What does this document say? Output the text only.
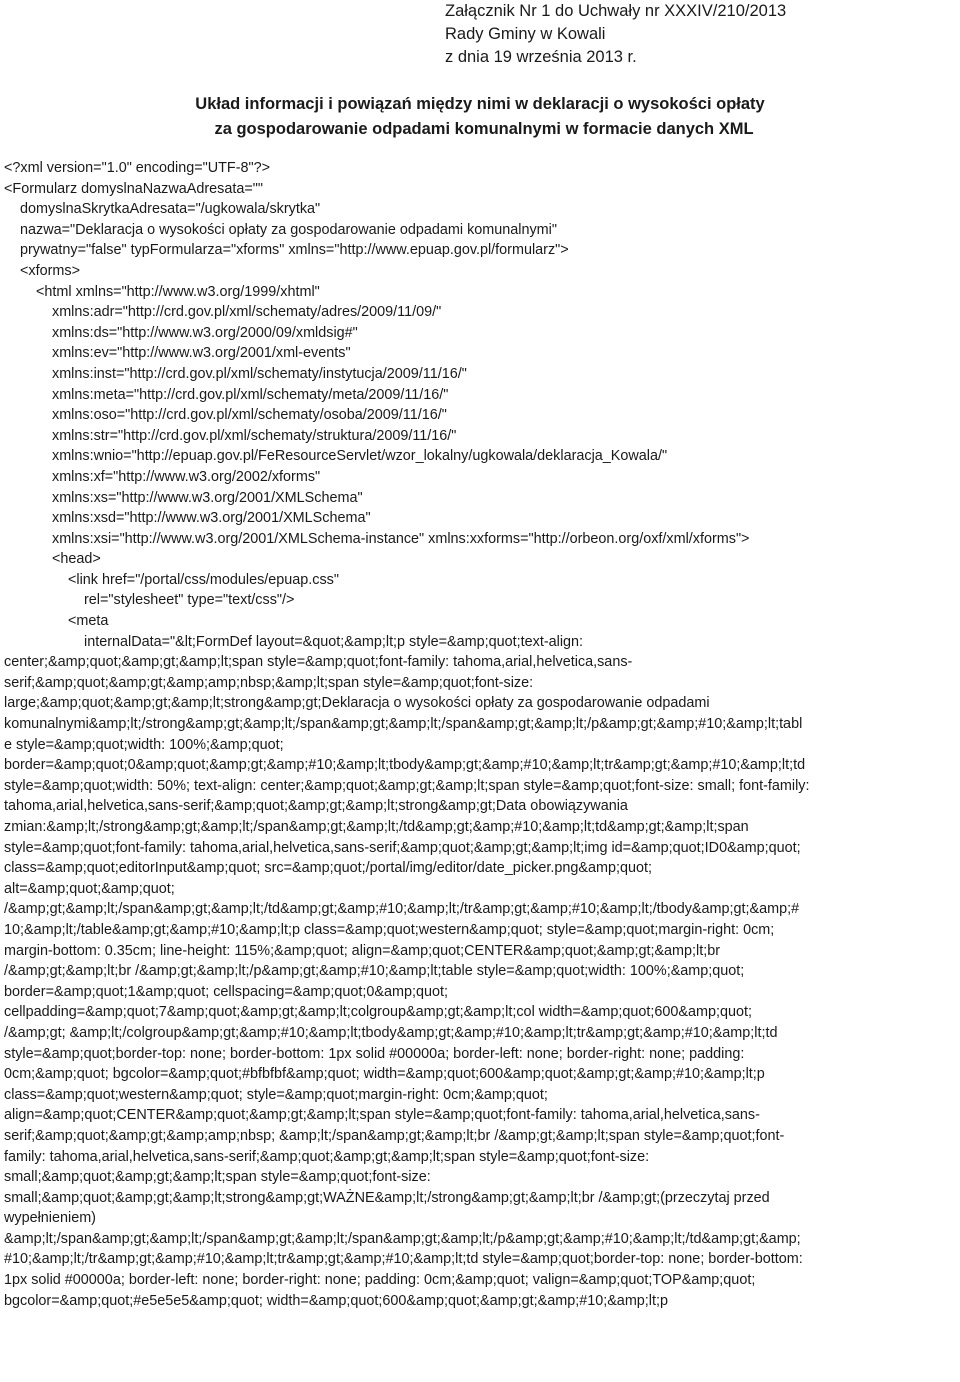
Załącznik Nr 1 do Uchwały nr XXXIV/210/2013
Rady Gminy w Kowali
z dnia 19 września 2013 r.
Układ informacji i powiązań między nimi w deklaracji o wysokości opłaty
za gospodarowanie odpadami komunalnymi w formacie danych XML
<?xml version="1.0" encoding="UTF-8"?>
<Formularz domyslnaNazwaAdresata=""
domyslnaSkrytkaAdresata="/ugkowala/skrytka"
nazwa="Deklaracja o wysokości opłaty za gospodarowanie odpadami komunalnymi"
prywatny="false" typFormularza="xforms" xmlns="http://www.epuap.gov.pl/formularz">
<xforms>
<html xmlns="http://www.w3.org/1999/xhtml"
xmlns:adr="http://crd.gov.pl/xml/schematy/adres/2009/11/09/"
xmlns:ds="http://www.w3.org/2000/09/xmldsig#"
xmlns:ev="http://www.w3.org/2001/xml-events"
xmlns:inst="http://crd.gov.pl/xml/schematy/instytucja/2009/11/16/"
xmlns:meta="http://crd.gov.pl/xml/schematy/meta/2009/11/16/"
xmlns:oso="http://crd.gov.pl/xml/schematy/osoba/2009/11/16/"
xmlns:str="http://crd.gov.pl/xml/schematy/struktura/2009/11/16/"
xmlns:wnio="http://epuap.gov.pl/FeResourceServlet/wzor_lokalny/ugkowala/deklaracja_Kowala/"
xmlns:xf="http://www.w3.org/2002/xforms"
xmlns:xs="http://www.w3.org/2001/XMLSchema"
xmlns:xsd="http://www.w3.org/2001/XMLSchema"
xmlns:xsi="http://www.w3.org/2001/XMLSchema-instance" xmlns:xxforms="http://orbeon.org/oxf/xml/xforms">
<head>
<link href="/portal/css/modules/epuap.css"
rel="stylesheet" type="text/css"/>
<meta
internalData="&lt;FormDef layout=&quot;&amp;lt;p style=&amp;quot;text-align:
center;&amp;quot;&amp;gt;&amp;lt;span style=&amp;quot;font-family: tahoma,arial,helvetica,sans-
serif;&amp;quot;&amp;gt;&amp;amp;nbsp;&amp;lt;span style=&amp;quot;font-size:
large;&amp;quot;&amp;gt;&amp;lt;strong&amp;gt;Deklaracja o wysokości opłaty za gospodarowanie odpadami
komunalnymi&amp;lt;/strong&amp;gt;&amp;lt;/span&amp;gt;&amp;lt;/span&amp;gt;&amp;lt;/p&amp;gt;&amp;#10;&amp;lt;tabl
e style=&amp;quot;width: 100%;&amp;quot;
border=&amp;quot;0&amp;quot;&amp;gt;&amp;#10;&amp;lt;tbody&amp;gt;&amp;#10;&amp;lt;tr&amp;gt;&amp;#10;&amp;lt;td
style=&amp;quot;width: 50%; text-align: center;&amp;quot;&amp;gt;&amp;lt;span style=&amp;quot;font-size: small; font-family:
tahoma,arial,helvetica,sans-serif;&amp;quot;&amp;gt;&amp;lt;strong&amp;gt;Data obowiązywania
zmian:&amp;lt;/strong&amp;gt;&amp;lt;/span&amp;gt;&amp;lt;/td&amp;gt;&amp;#10;&amp;lt;td&amp;gt;&amp;lt;span
style=&amp;quot;font-family: tahoma,arial,helvetica,sans-serif;&amp;quot;&amp;gt;&amp;lt;img id=&amp;quot;ID0&amp;quot;
class=&amp;quot;editorInput&amp;quot; src=&amp;quot;/portal/img/editor/date_picker.png&amp;quot;
alt=&amp;quot;&amp;quot;
/&amp;gt;&amp;lt;/span&amp;gt;&amp;lt;/td&amp;gt;&amp;#10;&amp;lt;/tr&amp;gt;&amp;#10;&amp;lt;/tbody&amp;gt;&amp;#
10;&amp;lt;/table&amp;gt;&amp;#10;&amp;lt;p class=&amp;quot;western&amp;quot; style=&amp;quot;margin-right: 0cm;
margin-bottom: 0.35cm; line-height: 115%;&amp;quot; align=&amp;quot;CENTER&amp;quot;&amp;gt;&amp;lt;br
/&amp;gt;&amp;lt;br /&amp;gt;&amp;lt;/p&amp;gt;&amp;#10;&amp;lt;table style=&amp;quot;width: 100%;&amp;quot;
border=&amp;quot;1&amp;quot; cellspacing=&amp;quot;0&amp;quot;
cellpadding=&amp;quot;7&amp;quot;&amp;gt;&amp;lt;colgroup&amp;gt;&amp;lt;col width=&amp;quot;600&amp;quot;
/&amp;gt; &amp;lt;/colgroup&amp;gt;&amp;#10;&amp;lt;tbody&amp;gt;&amp;#10;&amp;lt;tr&amp;gt;&amp;#10;&amp;lt;td
style=&amp;quot;border-top: none; border-bottom: 1px solid #00000a; border-left: none; border-right: none; padding:
0cm;&amp;quot; bgcolor=&amp;quot;#bfbfbf&amp;quot; width=&amp;quot;600&amp;quot;&amp;gt;&amp;#10;&amp;lt;p
class=&amp;quot;western&amp;quot; style=&amp;quot;margin-right: 0cm;&amp;quot;
align=&amp;quot;CENTER&amp;quot;&amp;gt;&amp;lt;span style=&amp;quot;font-family: tahoma,arial,helvetica,sans-
serif;&amp;quot;&amp;gt;&amp;amp;nbsp; &amp;lt;/span&amp;gt;&amp;lt;br /&amp;gt;&amp;lt;span style=&amp;quot;font-
family: tahoma,arial,helvetica,sans-serif;&amp;quot;&amp;gt;&amp;lt;span style=&amp;quot;font-size:
small;&amp;quot;&amp;gt;&amp;lt;span style=&amp;quot;font-size:
small;&amp;quot;&amp;gt;&amp;lt;strong&amp;gt;WAŻNE&amp;lt;/strong&amp;gt;&amp;lt;br /&amp;gt;(przeczytaj przed
wypełnieniem)
&amp;lt;/span&amp;gt;&amp;lt;/span&amp;gt;&amp;lt;/span&amp;gt;&amp;lt;/p&amp;gt;&amp;#10;&amp;lt;/td&amp;gt;&amp;
#10;&amp;lt;/tr&amp;gt;&amp;#10;&amp;lt;tr&amp;gt;&amp;#10;&amp;lt;td style=&amp;quot;border-top: none; border-bottom:
1px solid #00000a; border-left: none; border-right: none; padding: 0cm;&amp;quot; valign=&amp;quot;TOP&amp;quot;
bgcolor=&amp;quot;#e5e5e5&amp;quot; width=&amp;quot;600&amp;quot;&amp;gt;&amp;#10;&amp;lt;p
